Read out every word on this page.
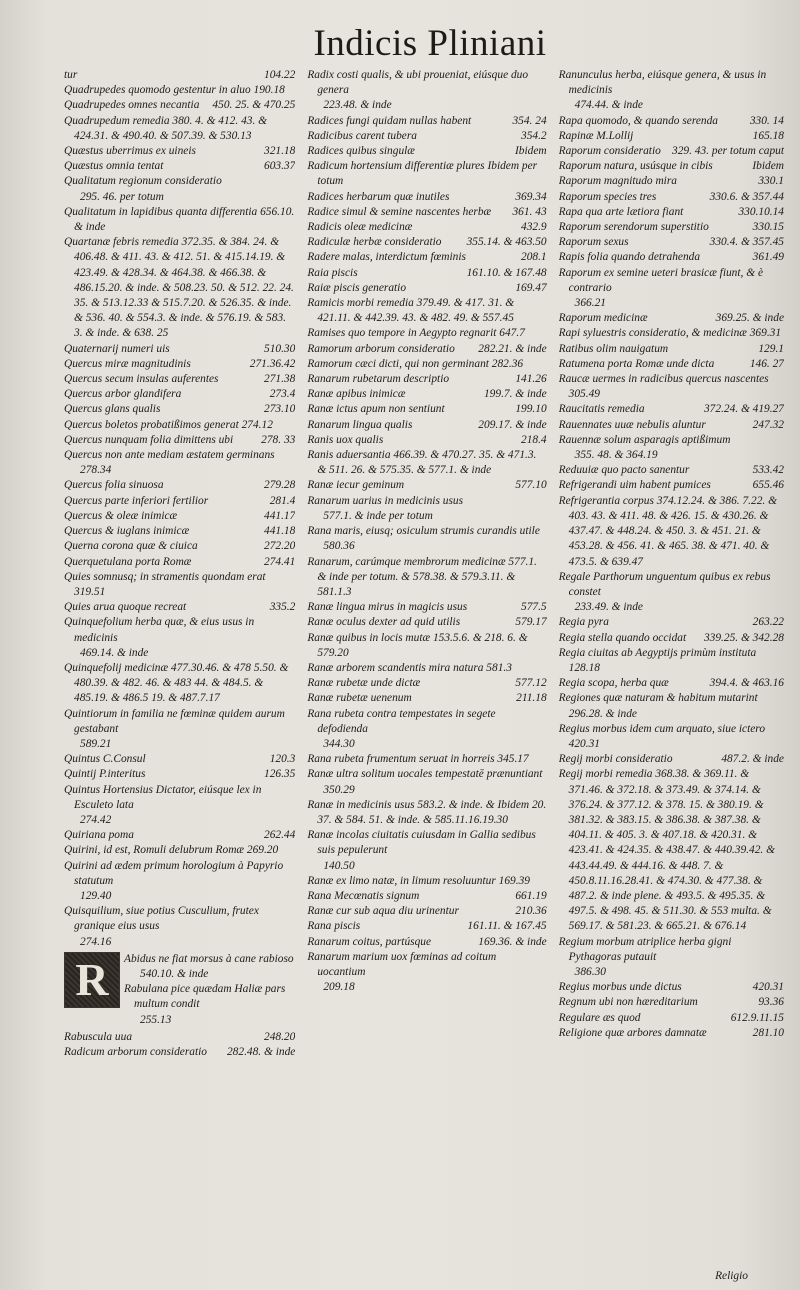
Indicis Pliniani
tur	104.22
Quadrupedes quomodo gestentur in aluo 190.18
Quadrupedes omnes necantia	450. 25. & 470.25
Quadrupedum remedia 380. 4. & 412. 43. & 424.31. & 490.40. & 507.39. & 530.13
Quæstus uberrimus ex uineis	321.18
Quæstus omnia tentat	603.37
Qualitatum regionum consideratio
295. 46. per totum
Qualitatum in lapidibus quanta differentia 656.10. & inde
Quartanæ febris remedia 372.35. & 384. 24. & 406.48. & 411. 43. & 412. 51. & 415.14.19. & 423.49. & 428.34. & 464.38. & 466.38. & 486.15.20. & inde. & 508.23. 50. & 512. 22. 24. 35. & 513.12.33 & 515.7.20. & 526.35. & inde. & 536. 40. & 554.3. & inde. & 576.19. & 583. 3. & inde. & 638. 25
Quaternarij numeri uis	510.30
Quercus miræ magnitudinis	271.36.42
Quercus secum insulas auferentes	271.38
Quercus arbor glandifera	273.4
Quercus glans qualis	273.10
Quercus boletos probatißimos generat 274.12
Quercus nunquam folia dimittens ubi	278. 33
Quercus non ante mediam æstatem germinans
278.34
Quercus folia sinuosa	279.28
Quercus parte inferiori fertilior	281.4
Quercus & oleæ inimicæ	441.17
Quercus & iuglans inimicæ	441.18
Querna corona quæ & ciuica	272.20
Querquetulana porta Romæ	274.41
Quies somnusq; in stramentis quondam erat 319.51
Quies arua quoque recreat	335.2
Quinquefolium herba quæ, & eius usus in medicinis
469.14. & inde
Quinquefolij medicinæ 477.30.46. & 478 5.50. & 480.39. & 482. 46. & 483 44. & 484.5. & 485.19. & 486.5 19. & 487.7.17
Quintiorum in familia ne fœminæ quidem aurum gestabant
589.21
Quintus C.Consul	120.3
Quintij P.interitus	126.35
Quintus Hortensius Dictator, eiúsque lex in Esculeto lata
274.42
Quiriana poma	262.44
Quirini, id est, Romuli delubrum Romæ 269.20
Quirini ad ædem primum horologium à Papyrio statutum
129.40
Quisquilium, siue potius Cusculium, frutex granique eius usus
274.16
R	Abidus ne fiat morsus à cane rabioso
540.10. & inde
Rabulana pice quædam Haliæ pars multum condit
255.13
Rabuscula uua	248.20
Radicum arborum consideratio	282.48. & inde
Radix costi qualis, & ubi proueniat, eiúsque duo genera
223.48. & inde
Radices fungi quidam nullas habent	354. 24
Radicibus carent tubera	354.2
Radices quibus singulæ	Ibidem
Radicum hortensium differentiæ plures Ibidem per totum
Radices herbarum quæ inutiles	369.34
Radice simul & semine nascentes herbæ	361. 43
Radicis oleæ medicinæ	432.9
Radiculæ herbæ consideratio	355.14. & 463.50
Radere malas, interdictum fœminis	208.1
Raia piscis	161.10. & 167.48
Raiæ piscis generatio	169.47
Ramicis morbi remedia 379.49. & 417. 31. & 421.11. & 442.39. 43. & 482. 49. & 557.45
Ramises quo tempore in Aegypto regnarit 647.7
Ramorum arborum consideratio	282.21. & inde
Ramorum cæci dicti, qui non germinant 282.36
Ranarum rubetarum descriptio	141.26
Ranæ apibus inimicæ	199.7. & inde
Ranæ ictus apum non sentiunt	199.10
Ranarum lingua qualis	209.17. & inde
Ranis uox qualis	218.4
Ranis aduersantia 466.39. & 470.27. 35. & 471.3. & 511. 26. & 575.35. & 577.1. & inde
Ranæ iecur geminum	577.10
Ranarum uarius in medicinis usus
577.1. & inde per totum
Rana maris, eiusq; osiculum strumis curandis utile
580.36
Ranarum, carúmque membrorum medicinæ 577.1. & inde per totum. & 578.38. & 579.3.11. & 581.1.3
Ranæ lingua mirus in magicis usus	577.5
Ranæ oculus dexter ad quid utilis	579.17
Ranæ quibus in locis mutæ 153.5.6. & 218. 6. & 579.20
Ranæ arborem scandentis mira natura 581.3
Ranæ rubetæ unde dictæ	577.12
Ranæ rubetæ uenenum	211.18
Rana rubeta contra tempestates in segete defodienda
344.30
Rana rubeta frumentum seruat in horreis 345.17
Ranæ ultra solitum uocales tempestatē prænuntiant
350.29
Ranæ in medicinis usus 583.2. & inde. & Ibidem 20. 37. & 584. 51. & inde. & 585.11.16.19.30
Ranæ incolas ciuitatis cuiusdam in Gallia sedibus suis pepulerunt
140.50
Ranæ ex limo natæ, in limum resoluuntur 169.39
Rana Mecœnatis signum	661.19
Ranæ cur sub aqua diu urinentur	210.36
Rana piscis	161.11. & 167.45
Ranarum coitus, partúsque	169.36. & inde
Ranarum marium uox fœminas ad coitum uocantium
209.18
Ranunculus herba, eiúsque genera, & usus in medicinis
474.44. & inde
Rapa quomodo, & quando serenda	330. 14
Rapinæ M.Lollij	165.18
Raporum consideratio 329. 43. per totum caput
Raporum natura, usúsque in cibis	Ibidem
Raporum magnitudo mira	330.1
Raporum species tres	330.6. & 357.44
Rapa qua arte lætiora fiant	330.10.14
Raporum serendorum superstitio	330.15
Raporum sexus	330.4. & 357.45
Rapis folia quando detrahenda	361.49
Raporum ex semine ueteri brasicæ fiunt, & è contrario
366.21
Raporum medicinæ	369.25. & inde
Rapi syluestris consideratio, & medicinæ 369.31
Ratibus olim nauigatum	129.1
Ratumena porta Romæ unde dicta	146. 27
Raucæ uermes in radicibus quercus nascentes 305.49
Raucitatis remedia	372.24. & 419.27
Rauennates uuæ nebulis aluntur	247.32
Rauennæ solum asparagis aptißimum
355. 48. & 364.19
Reduuiæ quo pacto sanentur	533.42
Refrigerandi uim habent pumices	655.46
Refrigerantia corpus 374.12.24. & 386. 7.22. & 403. 43. & 411. 48. & 426. 15. & 430.26. & 437.47. & 448.24. & 450. 3. & 451. 21. & 453.28. & 456. 41. & 465. 38. & 471. 40. & 473.5. & 639.47
Regale Parthorum unguentum quibus ex rebus constet
233.49. & inde
Regia pyra	263.22
Regia stella quando occidat	339.25. & 342.28
Regia ciuitas ab Aegyptijs primùm instituta 128.18
Regia scopa, herba quæ	394.4. & 463.16
Regiones quæ naturam & habitum mutarint 296.28. & inde
Regius morbus idem cum arquato, siue ictero 420.31
Regij morbi consideratio	487.2. & inde
Regij morbi remedia 368.38. & 369.11. & 371.46. & 372.18. & 373.49. & 374.14. & 376.24. & 377.12. & 378. 15. & 380.19. & 381.32. & 383.15. & 386.38. & 387.38. & 404.11. & 405. 3. & 407.18. & 420.31. & 423.41. & 424.35. & 438.47. & 440.39.42. & 443.44.49. & 444.16. & 448. 7. & 450.8.11.16.28.41. & 474.30. & 477.38. & 487.2. & inde plene. & 493.5. & 495.35. & 497.5. & 498. 45. & 511.30. & 553 multa. & 569.17. & 581.23. & 665.21. & 676.14
Regium morbum atriplice herba gigni Pythagoras putauit
386.30
Regius morbus unde dictus	420.31
Regnum ubi non hæreditarium	93.36
Regulare æs quod	612.9.11.15
Religione quæ arbores damnatæ	281.10
Religio
